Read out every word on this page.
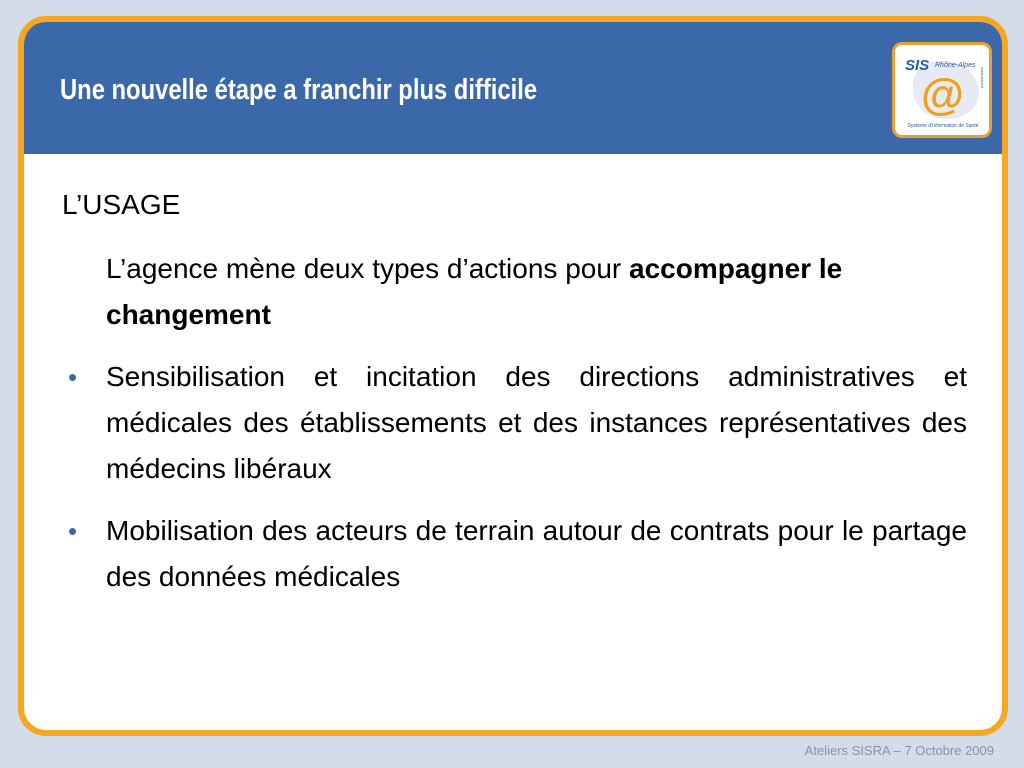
Une nouvelle étape a franchir plus difficile
SIS Rhône-Alpes
@	www.sisra.fr
Système d'Information de Santé
L’USAGE
L’agence mène deux types d’actions pour accompagner le changement
• Sensibilisation et incitation des directions administratives et médicales des établissements et des instances représentatives des médecins libéraux
• Mobilisation des acteurs de terrain autour de contrats pour le partage des données médicales
Ateliers SISRA – 7 Octobre 2009
